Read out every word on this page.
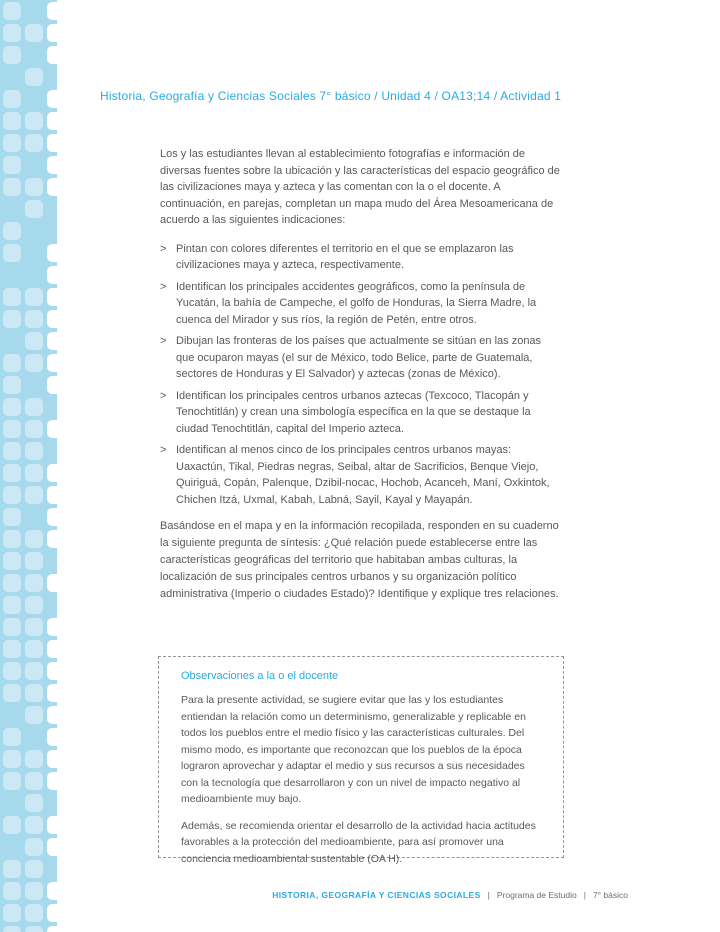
Historia, Geografía y Ciencias Sociales 7° básico / Unidad 4 / OA13;14 / Actividad 1

Los y las estudiantes llevan al establecimiento fotografías e información de diversas fuentes sobre la ubicación y las características del espacio geográfico de las civilizaciones maya y azteca y las comentan con la o el docente. A continuación, en parejas, completan un mapa mudo del Área Mesoamericana de acuerdo a las siguientes indicaciones:

> Pintan con colores diferentes el territorio en el que se emplazaron las civilizaciones maya y azteca, respectivamente.
> Identifican los principales accidentes geográficos, como la península de Yucatán, la bahía de Campeche, el golfo de Honduras, la Sierra Madre, la cuenca del Mirador y sus ríos, la región de Petén, entre otros.
> Dibujan las fronteras de los países que actualmente se sitúan en las zonas que ocuparon mayas (el sur de México, todo Belice, parte de Guatemala, sectores de Honduras y El Salvador) y aztecas (zonas de México).
> Identifican los principales centros urbanos aztecas (Texcoco, Tlacopán y Tenochtitlán) y crean una simbología específica en la que se destaque la ciudad Tenochtitlán, capital del Imperio azteca.
> Identifican al menos cinco de los principales centros urbanos mayas: Uaxactún, Tikal, Piedras negras, Seibal, altar de Sacrificios, Benque Viejo, Quiriguá, Copán, Palenque, Dzibil-nocac, Hochob, Acanceh, Maní, Oxkintok, Chichen Itzá, Uxmal, Kabah, Labná, Sayil, Kayal y Mayapán.

Basándose en el mapa y en la información recopilada, responden en su cuaderno la siguiente pregunta de síntesis: ¿Qué relación puede establecerse entre las características geográficas del territorio que habitaban ambas culturas, la localización de sus principales centros urbanos y su organización político administrativa (Imperio o ciudades Estado)? Identifique y explique tres relaciones.

Observaciones a la o el docente

Para la presente actividad, se sugiere evitar que las y los estudiantes entiendan la relación como un determinismo, generalizable y replicable en todos los pueblos entre el medio físico y las características culturales. Del mismo modo, es importante que reconozcan que los pueblos de la época lograron aprovechar y adaptar el medio y sus recursos a sus necesidades con la tecnología que desarrollaron y con un nivel de impacto negativo al medioambiente muy bajo.

Además, se recomienda orientar el desarrollo de la actividad hacia actitudes favorables a la protección del medioambiente, para así promover una conciencia medioambiental sustentable (OA H).

HISTORIA, GEOGRAFÍA Y CIENCIAS SOCIALES | Programa de Estudio | 7° básico
